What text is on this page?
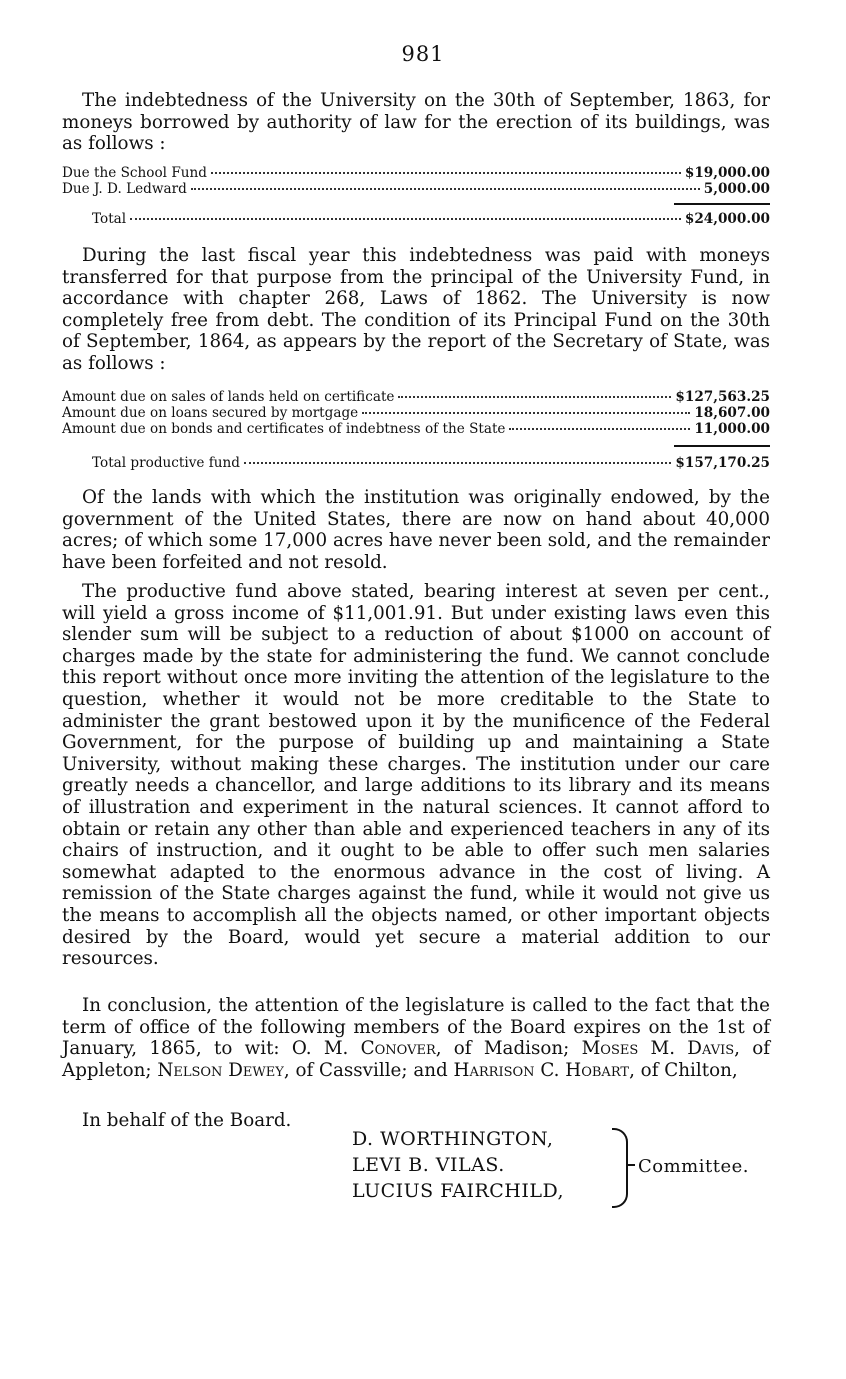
981

The indebtedness of the University on the 30th of September, 1863, for moneys borrowed by authority of law for the erection of its buildings, was as follows :

Due the School Fund	$19,000.00
Due J. D. Ledward	5,000.00
Total	$24,000.00

During the last fiscal year this indebtedness was paid with moneys transferred for that purpose from the principal of the University Fund, in accordance with chapter 268, Laws of 1862. The University is now completely free from debt. The condition of its Principal Fund on the 30th of September, 1864, as appears by the report of the Secretary of State, was as follows :

Amount due on sales of lands held on certificate	$127,563.25
Amount due on loans secured by mortgage	18,607.00
Amount due on bonds and certificates of indebtness of the State	11,000.00
Total productive fund	$157,170.25

Of the lands with which the institution was originally endowed, by the government of the United States, there are now on hand about 40,000 acres; of which some 17,000 acres have never been sold, and the remainder have been forfeited and not resold.

The productive fund above stated, bearing interest at seven per cent., will yield a gross income of $11,001.91. But under existing laws even this slender sum will be subject to a reduction of about $1000 on account of charges made by the state for administering the fund. We cannot conclude this report without once more inviting the attention of the legislature to the question, whether it would not be more creditable to the State to administer the grant bestowed upon it by the munificence of the Federal Government, for the purpose of building up and maintaining a State University, without making these charges. The institution under our care greatly needs a chancellor, and large additions to its library and its means of illustration and experiment in the natural sciences. It cannot afford to obtain or retain any other than able and experienced teachers in any of its chairs of instruction, and it ought to be able to offer such men salaries somewhat adapted to the enormous advance in the cost of living. A remission of the State charges against the fund, while it would not give us the means to accomplish all the objects named, or other important objects desired by the Board, would yet secure a material addition to our resources.

In conclusion, the attention of the legislature is called to the fact that the term of office of the following members of the Board expires on the 1st of January, 1865, to wit: O. M. Conover, of Madison; Moses M. Davis, of Appleton; Nelson Dewey, of Cassville; and Harrison C. Hobart, of Chilton,

In behalf of the Board.

D. WORTHINGTON,
LEVI B. VILAS.
LUCIUS FAIRCHILD,
Committee.
